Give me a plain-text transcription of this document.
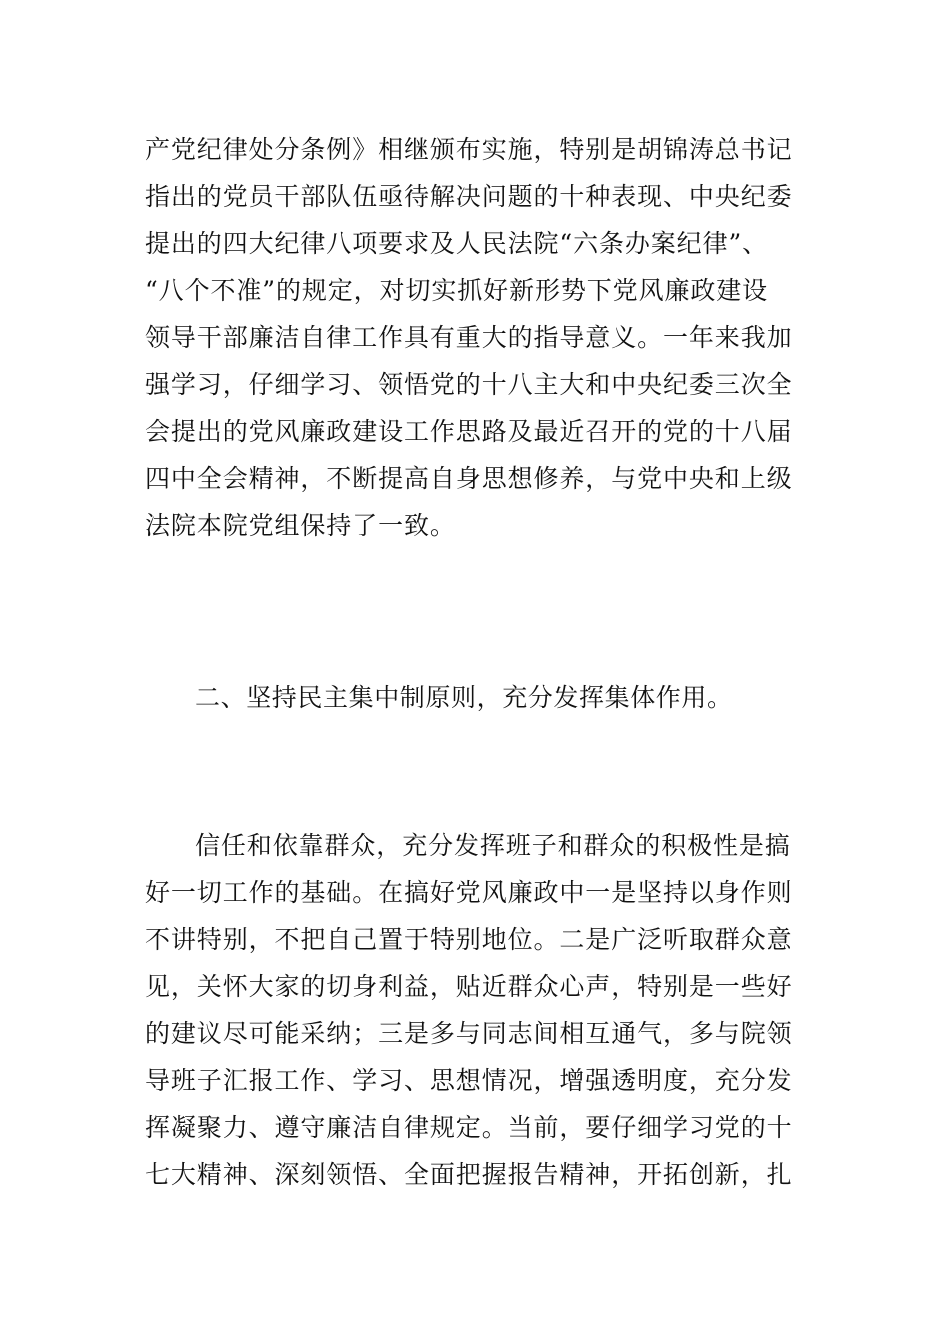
产党纪律处分条例》相继颁布实施，特别是胡锦涛总书记
指出的党员干部队伍亟待解决问题的十种表现、中央纪委
提出的四大纪律八项要求及人民法院“六条办案纪律”、
“八个不准”的规定，对切实抓好新形势下党风廉政建设
领导干部廉洁自律工作具有重大的指导意义。一年来我加
强学习，仔细学习、领悟党的十八主大和中央纪委三次全
会提出的党风廉政建设工作思路及最近召开的党的十八届
四中全会精神，不断提高自身思想修养，与党中央和上级
法院本院党组保持了一致。
二、坚持民主集中制原则，充分发挥集体作用。
信任和依靠群众，充分发挥班子和群众的积极性是搞
好一切工作的基础。在搞好党风廉政中一是坚持以身作则
不讲特别，不把自己置于特别地位。二是广泛听取群众意
见，关怀大家的切身利益，贴近群众心声，特别是一些好
的建议尽可能采纳；三是多与同志间相互通气，多与院领
导班子汇报工作、学习、思想情况，增强透明度，充分发
挥凝聚力、遵守廉洁自律规定。当前，要仔细学习党的十
七大精神、深刻领悟、全面把握报告精神，开拓创新，扎
